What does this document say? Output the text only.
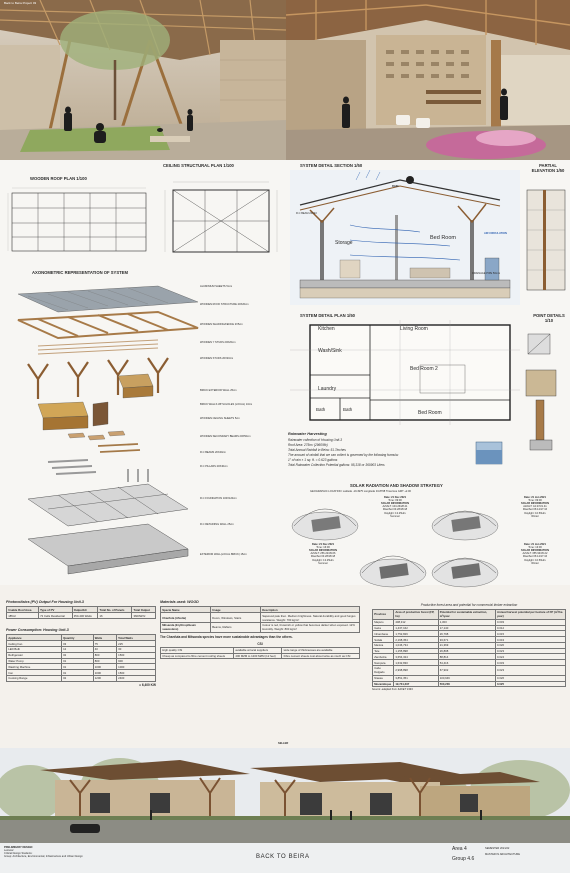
Back to Beira Project 03
WOODEN ROOF PLAN 1/100
CEILING STRUCTURAL PLAN 1/100
AXONOMETRIC REPRESENTATION OF SYSTEM
ALUMINIUM SHEETS 5mm
WOODEN ROOF STRUCTURE 20X20cm
WOODEN SHADING/FENCE 2X5cm
WOODEN Y STUDS 20X20cm
WOODEN STUDS 20X20cm
BRICK EXTERIOR WALL 25cm
BRICK WALLS WITH HOLES (LOCAL) 10cm
WOODEN CEILING SHEETS 5cm
WOODEN SECONDARY BEAMS 20X50cm
R.C BEAMS 20X40cm
R.C PILLARS 20X40cm
R.C FOUNDATION 100X120cm
R.C RETAINING WALL 25cm
EXTERIOR WALL(LOCAL BRICK) 15cm
SYSTEM DETAIL SECTION 1/50
Bed Room
Storage
RAIN
AIR CIRCULATION
R.C BEAM 20X40
DRAINAGE PIPE 50mm
PARTIAL ELEVATION 1/50
SYSTEM DETAIL PLAN 1/50
Kitchen	Living Room
Wash/Sink
Bed Room 2
Laundry
Bath	Bath
Bed Room
POINT DETAILS 1/10
Rainwater Harvesting
Rainwater collection of Housing Unit-3
Roof Area: 275m² (29609ft²)
Total Annual Rainfall in Beira: 51.7inches
The amount of rainfall that we can collect is governed by the following formula:
1" of rain × 1 sq. ft. = 0.623 gallons
Total Rainwater Collection Potential gallons: 95,318 or 360903 Liters
SOLAR RADIATION AND SHADOW STRATEGY
GEOGRAPHIC LOCATION: Latitude -19.4975 Longitude 34.8768 Timezone GMT +2.00
Date: 21 Dec 2021
Time: 09:00
SOLAR INFORMATION
AZ/ALT: 104.26/28.41
Rise/Set 04:28/18:18
Daylight: 13.25Hrs
Summer
Date: 21 Jun 2021
Time: 09:00
SOLAR INFORMATION
AZ/ALT: 44.37/21.41
Rise/Set 06:14/17:16
Daylight: 10.56Hrs
Winter
Date: 21 Dec 2021
Time: 16:00
SOLAR INFORMATION
AZ/ALT: 256.22/39.66
Rise/Set 04:28/18:18
Daylight: 13.25Hrs
Summer
Date: 21 Jun 2021
Time: 13:00
SOLAR INFORMATION
AZ/ALT: 355.93/45.22
Rise/Set 06:14/17:16
Daylight: 10.56Hrs
Winter
Photovoltaics (PV) Output For Housing Unit-3
Usable Roof Area	Type of PV	Output/Hr	Total No. of Panels	Total Output
185m²	72 Cells Residential	350-400 Watts	16	3600W/hr
Power Consumption: Housing Unit-3
Appliance	Quantity	Watts	Total Watts
Ceiling Fan	03	75	225
LED Bulb	12	40	30
Refrigerator	02	800	1500
Water Pump	01	800	900
Washing Machine	01	1000	1000
Iron	01	1000	1500
Cooking Range	02	1200	2400
= 6,400 KW
Materials used: WOOD
Specie Name	Usage	Description
Chanfuta (Afzelia)	Doors, Windows, Stairs	Sapwood pale then. Medium brightness. Natural durability and good fungus resistance. Weight: 700 kg/m³
Mitsanda (Erythrophleum suaveolens)	Beams, Rafters	Colour is red, brownish or yellow that becomes darker when exposed. 12% Humidity. Weight: 800 kg/m³
The Chanfuta and Mitsanda species have more sustainable advantages than the others.
CSI
High quality CSI	available at local suppliers	wide range of thicknesses are available
Cheap as compared to fibre cement roofing sheets	400 MZM to 1200 MZM (12 feet)	Fibre cement sheets cost about twice as much as CSI
Productive forest area and potential for commercial timber extraction
Province	Area of productive forest (FP, ha)	Potential for sustainable extraction, m³/year	Annual harvest potential per hectare of FP (m³/ha year)
Maputo	408,312	1,303	0.003
Gaza	1,437,162	17,140	0.012
Inhambane	1,752,826	26,798	0.015
Sofala	2,168,354	93,671	0.043
Manica	1,046,734	21,369	0.020
Tete	1,155,898	26,808	0.023
Zambézia	3,654,324	88,814	0.024
Nampula	1,632,830	54,416	0.033
Cabo Delgado	2,998,898	67,902	0.023
Niassa	3,851,351	100,946	0.026
Mozambique	19,731,297	500,236	0.025
Source: adapted from SAKET 1994
SELLER
PRELIMINARY DESIGN
Lecturer:
Critical Design Students:
Group: Architecture, Environmental, Infrastructure and Urban Design	BACK TO BEIRA
Area 4
Group 4.6
SEMESTER 2021/22
MASTER IN ARCHITECTURE
